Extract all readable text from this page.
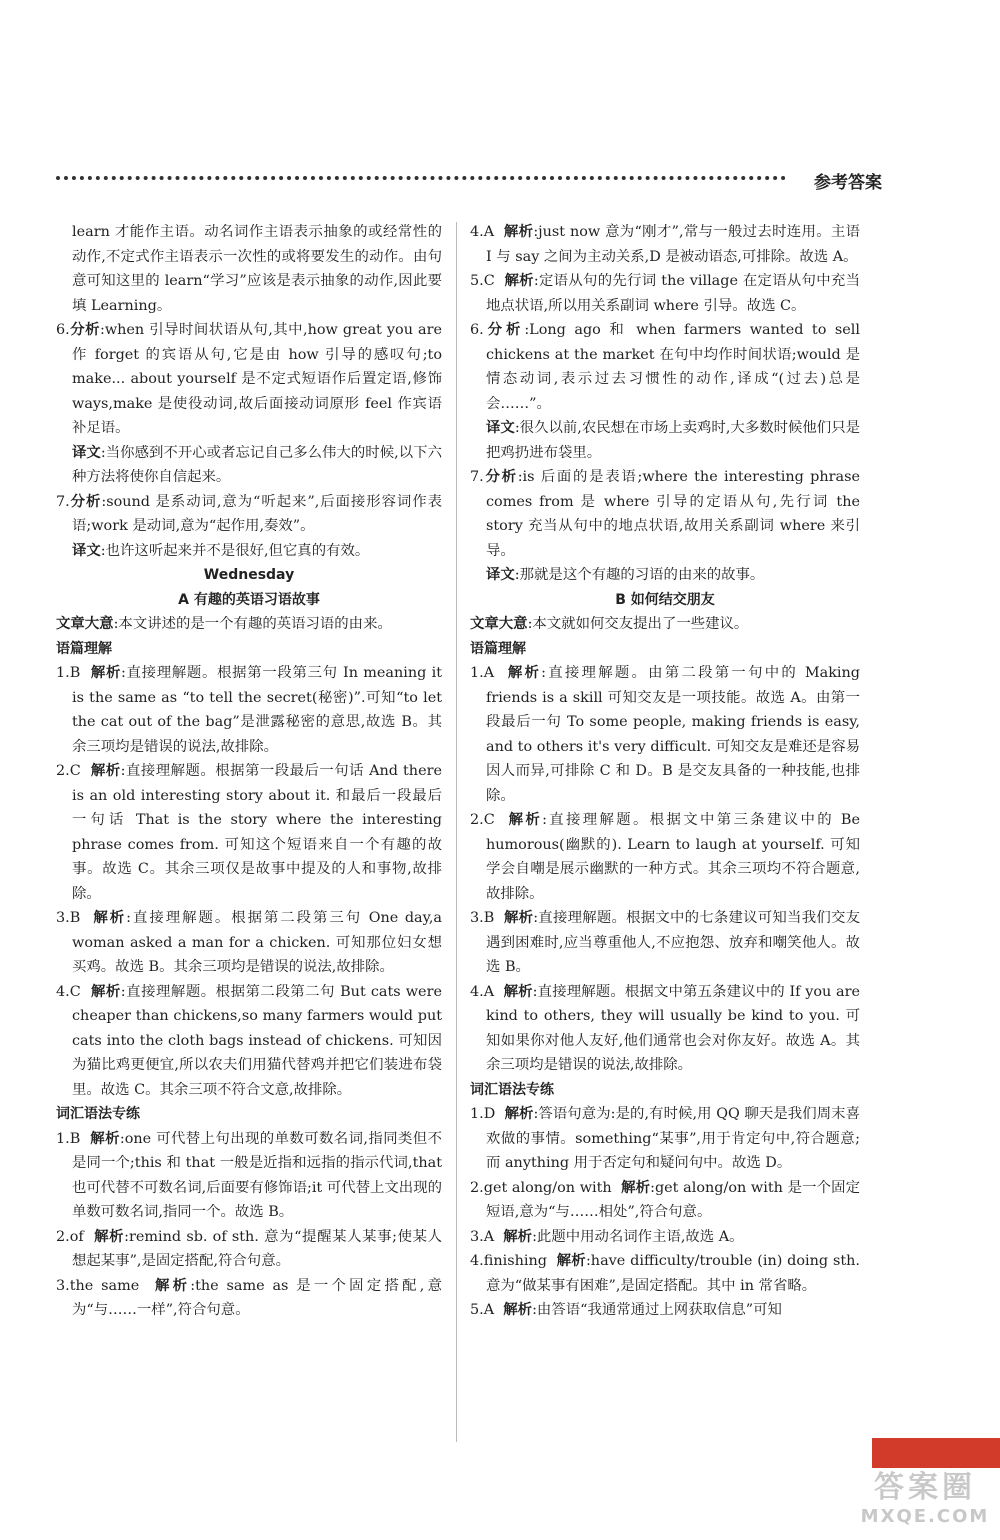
参考答案

learn 才能作主语。动名词作主语表示抽象的或经常性的动作,不定式作主语表示一次性的或将要发生的动作。由句意可知这里的 learn“学习”应该是表示抽象的动作,因此要填 Learning。

6.分析:when 引导时间状语从句,其中,how great you are 作 forget 的宾语从句,它是由 how 引导的感叹句;to make... about yourself 是不定式短语作后置定语,修饰 ways,make 是使役动词,故后面接动词原形 feel 作宾语补足语。

译文:当你感到不开心或者忘记自己多么伟大的时候,以下六种方法将使你自信起来。

7.分析:sound 是系动词,意为“听起来”,后面接形容词作表语;work 是动词,意为“起作用,奏效”。

译文:也许这听起来并不是很好,但它真的有效。

Wednesday

A 有趣的英语习语故事

文章大意:本文讲述的是一个有趣的英语习语的由来。

语篇理解

1.B 解析:直接理解题。根据第一段第三句 In meaning it is the same as “to tell the secret(秘密)”.可知“to let the cat out of the bag”是泄露秘密的意思,故选 B。其余三项均是错误的说法,故排除。

2.C 解析:直接理解题。根据第一段最后一句话 And there is an old interesting story about it. 和最后一段最后一句话 That is the story where the interesting phrase comes from. 可知这个短语来自一个有趣的故事。故选 C。其余三项仅是故事中提及的人和事物,故排除。

3.B 解析:直接理解题。根据第二段第三句 One day,a woman asked a man for a chicken. 可知那位妇女想买鸡。故选 B。其余三项均是错误的说法,故排除。

4.C 解析:直接理解题。根据第二段第二句 But cats were cheaper than chickens,so many farmers would put cats into the cloth bags instead of chickens. 可知因为猫比鸡更便宜,所以农夫们用猫代替鸡并把它们装进布袋里。故选 C。其余三项不符合文意,故排除。

词汇语法专练

1.B 解析:one 可代替上句出现的单数可数名词,指同类但不是同一个;this 和 that 一般是近指和远指的指示代词,that 也可代替不可数名词,后面要有修饰语;it 可代替上文出现的单数可数名词,指同一个。故选 B。

2.of 解析:remind sb. of sth. 意为“提醒某人某事;使某人想起某事”,是固定搭配,符合句意。

3.the same 解析:the same as 是一个固定搭配,意为“与……一样”,符合句意。

4.A 解析:just now 意为“刚才”,常与一般过去时连用。主语 I 与 say 之间为主动关系,D 是被动语态,可排除。故选 A。

5.C 解析:定语从句的先行词 the village 在定语从句中充当地点状语,所以用关系副词 where 引导。故选 C。

6.分析:Long ago 和 when farmers wanted to sell chickens at the market 在句中均作时间状语;would 是情态动词,表示过去习惯性的动作,译成“(过去)总是会……”。

译文:很久以前,农民想在市场上卖鸡时,大多数时候他们只是把鸡扔进布袋里。

7.分析:is 后面的是表语;where the interesting phrase comes from 是 where 引导的定语从句,先行词 the story 充当从句中的地点状语,故用关系副词 where 来引导。

译文:那就是这个有趣的习语的由来的故事。

B 如何结交朋友

文章大意:本文就如何交友提出了一些建议。

语篇理解

1.A 解析:直接理解题。由第二段第一句中的 Making friends is a skill 可知交友是一项技能。故选 A。由第一段最后一句 To some people, making friends is easy, and to others it's very difficult. 可知交友是难还是容易因人而异,可排除 C 和 D。B 是交友具备的一种技能,也排除。

2.C 解析:直接理解题。根据文中第三条建议中的 Be humorous(幽默的). Learn to laugh at yourself. 可知学会自嘲是展示幽默的一种方式。其余三项均不符合题意,故排除。

3.B 解析:直接理解题。根据文中的七条建议可知当我们交友遇到困难时,应当尊重他人,不应抱怨、放弃和嘲笑他人。故选 B。

4.A 解析:直接理解题。根据文中第五条建议中的 If you are kind to others, they will usually be kind to you. 可知如果你对他人友好,他们通常也会对你友好。故选 A。其余三项均是错误的说法,故排除。

词汇语法专练

1.D 解析:答语句意为:是的,有时候,用 QQ 聊天是我们周末喜欢做的事情。something“某事”,用于肯定句中,符合题意;而 anything 用于否定句和疑问句中。故选 D。

2.get along/on with 解析:get along/on with 是一个固定短语,意为“与……相处”,符合句意。

3.A 解析:此题中用动名词作主语,故选 A。

4.finishing 解析:have difficulty/trouble (in) doing sth. 意为“做某事有困难”,是固定搭配。其中 in 常省略。

5.A 解析:由答语“我通常通过上网获取信息”可知

答案圈
MXQE.COM
